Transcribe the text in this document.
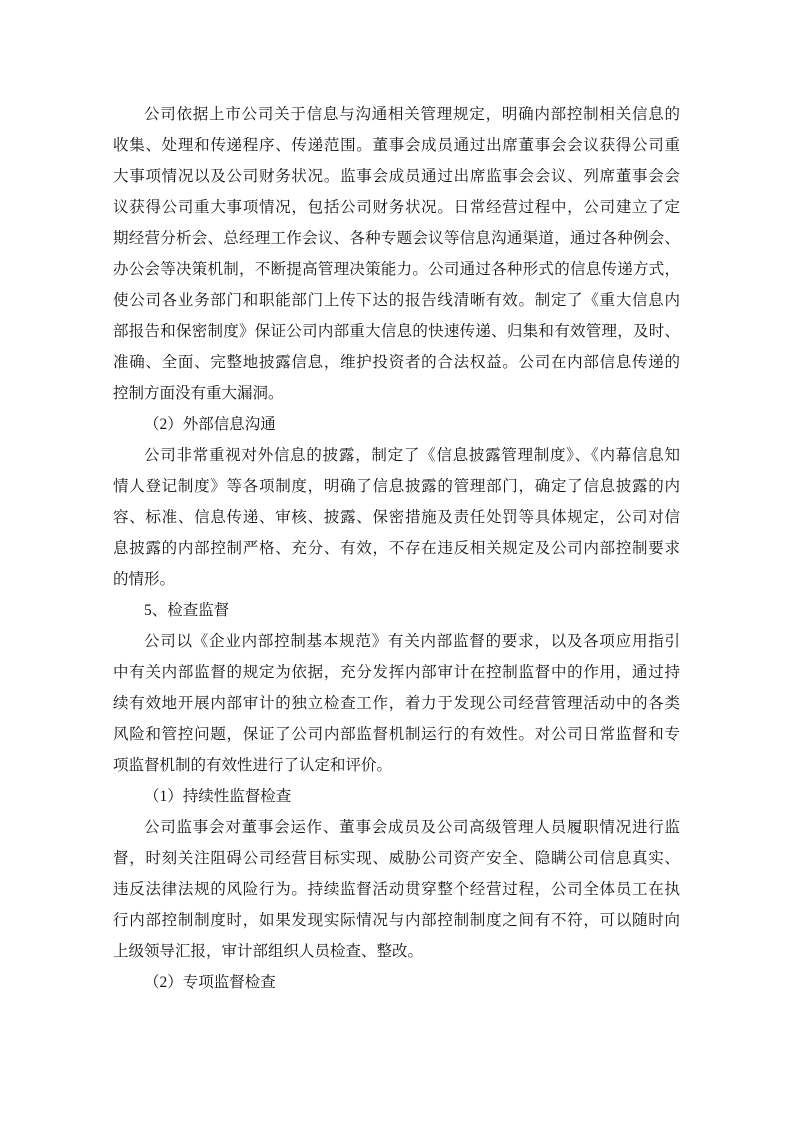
公司依据上市公司关于信息与沟通相关管理规定，明确内部控制相关信息的
收集、处理和传递程序、传递范围。董事会成员通过出席董事会会议获得公司重
大事项情况以及公司财务状况。监事会成员通过出席监事会会议、列席董事会会
议获得公司重大事项情况，包括公司财务状况。日常经营过程中，公司建立了定
期经营分析会、总经理工作会议、各种专题会议等信息沟通渠道，通过各种例会、
办公会等决策机制，不断提高管理决策能力。公司通过各种形式的信息传递方式，
使公司各业务部门和职能部门上传下达的报告线清晰有效。制定了《重大信息内
部报告和保密制度》保证公司内部重大信息的快速传递、归集和有效管理，及时、
准确、全面、完整地披露信息，维护投资者的合法权益。公司在内部信息传递的
控制方面没有重大漏洞。
（2）外部信息沟通
公司非常重视对外信息的披露，制定了《信息披露管理制度》、《内幕信息知
情人登记制度》等各项制度，明确了信息披露的管理部门，确定了信息披露的内
容、标准、信息传递、审核、披露、保密措施及责任处罚等具体规定，公司对信
息披露的内部控制严格、充分、有效，不存在违反相关规定及公司内部控制要求
的情形。
5、检查监督
公司以《企业内部控制基本规范》有关内部监督的要求，以及各项应用指引
中有关内部监督的规定为依据，充分发挥内部审计在控制监督中的作用，通过持
续有效地开展内部审计的独立检查工作，着力于发现公司经营管理活动中的各类
风险和管控问题，保证了公司内部监督机制运行的有效性。对公司日常监督和专
项监督机制的有效性进行了认定和评价。
（1）持续性监督检查
公司监事会对董事会运作、董事会成员及公司高级管理人员履职情况进行监
督，时刻关注阻碍公司经营目标实现、威胁公司资产安全、隐瞒公司信息真实、
违反法律法规的风险行为。持续监督活动贯穿整个经营过程，公司全体员工在执
行内部控制制度时，如果发现实际情况与内部控制制度之间有不符，可以随时向
上级领导汇报，审计部组织人员检查、整改。
（2）专项监督检查
